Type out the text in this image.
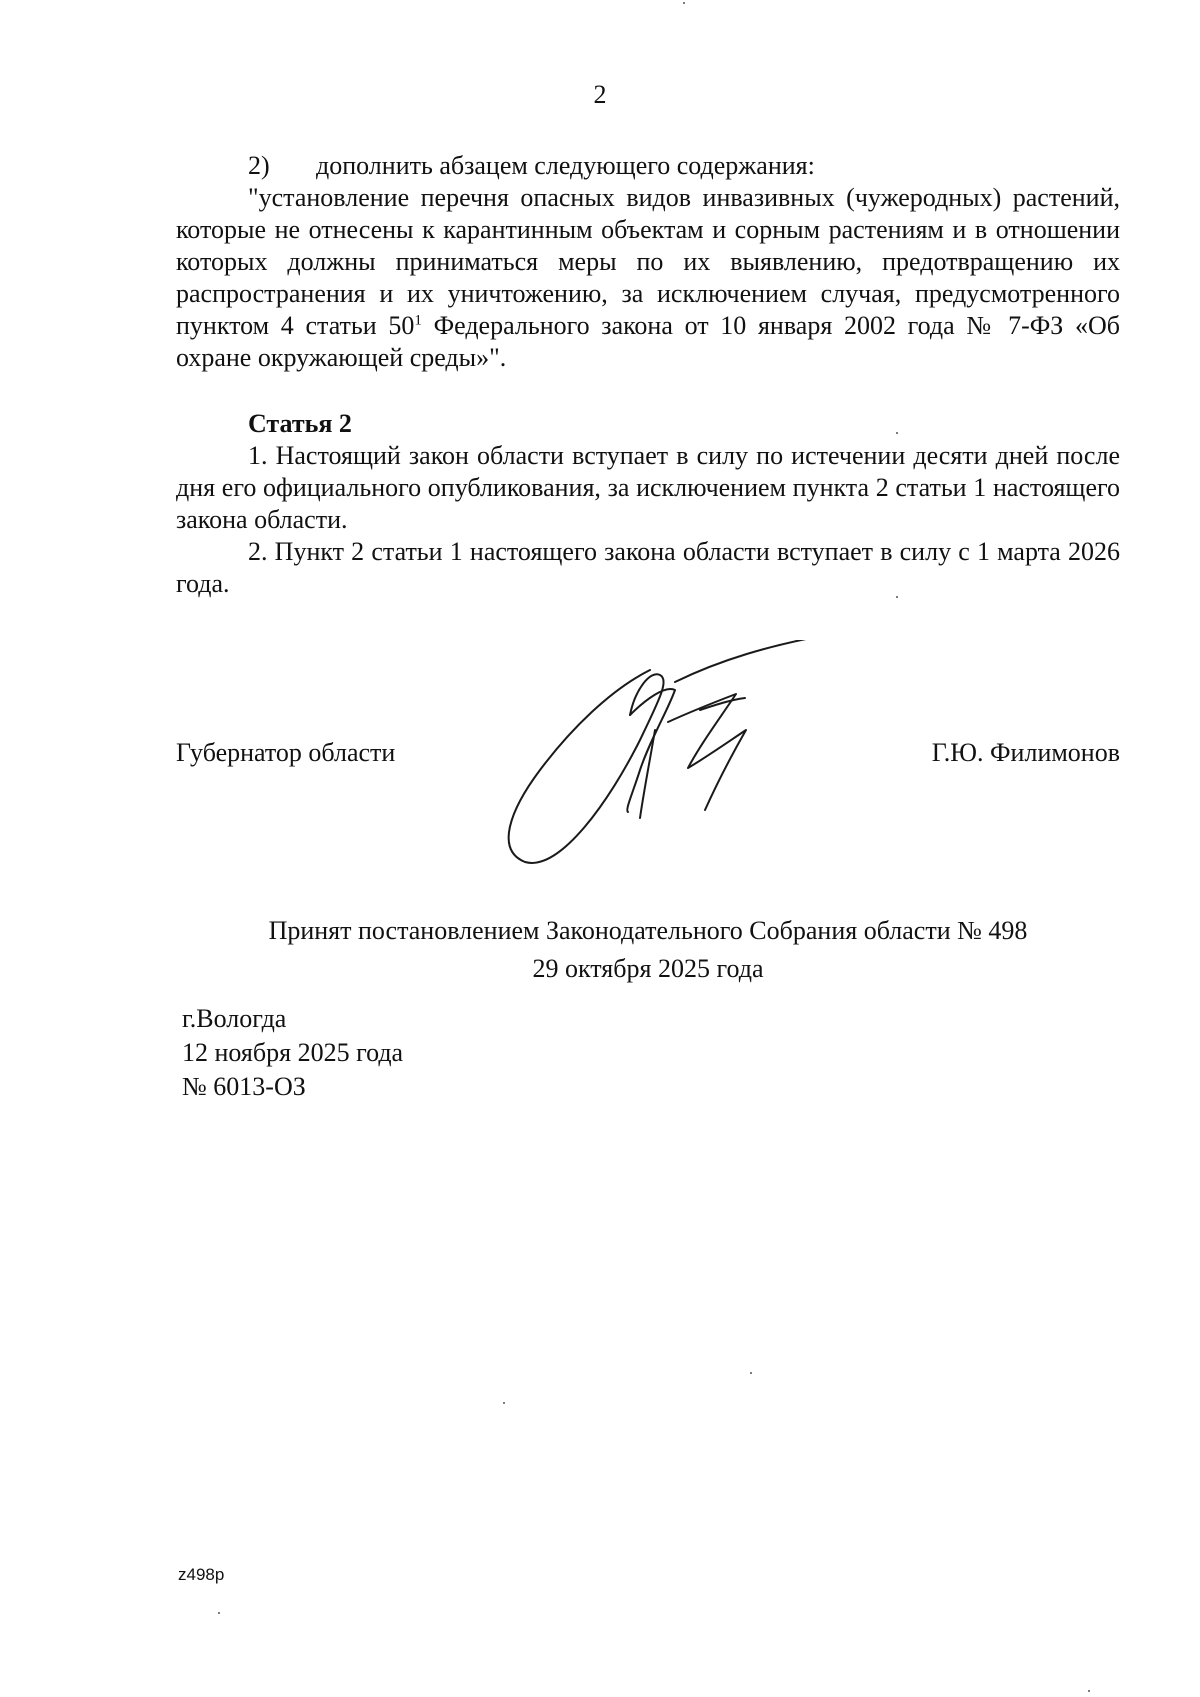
2
2)	дополнить абзацем следующего содержания:

"установление перечня опасных видов инвазивных (чужеродных) растений, которые не отнесены к карантинным объектам и сорным растениям и в отношении которых должны приниматься меры по их выявлению, предотвращению их распространения и их уничтожению, за исключением случая, предусмотренного пунктом 4 статьи $50^1$ Федерального закона от 10 января 2002 года № 7-ФЗ «Об охране окружающей среды»".

Статья 2

1. Настоящий закон области вступает в силу по истечении десяти дней после дня его официального опубликования, за исключением пункта 2 статьи 1 настоящего закона области.

2. Пункт 2 статьи 1 настоящего закона области вступает в силу с 1 марта 2026 года.

Губернатор области	Г.Ю. Филимонов
Принят постановлением Законодательного Собрания области № 498
29 октября 2025 года
г.Вологда
12 ноября 2025 года
№ 6013-ОЗ
z498p
